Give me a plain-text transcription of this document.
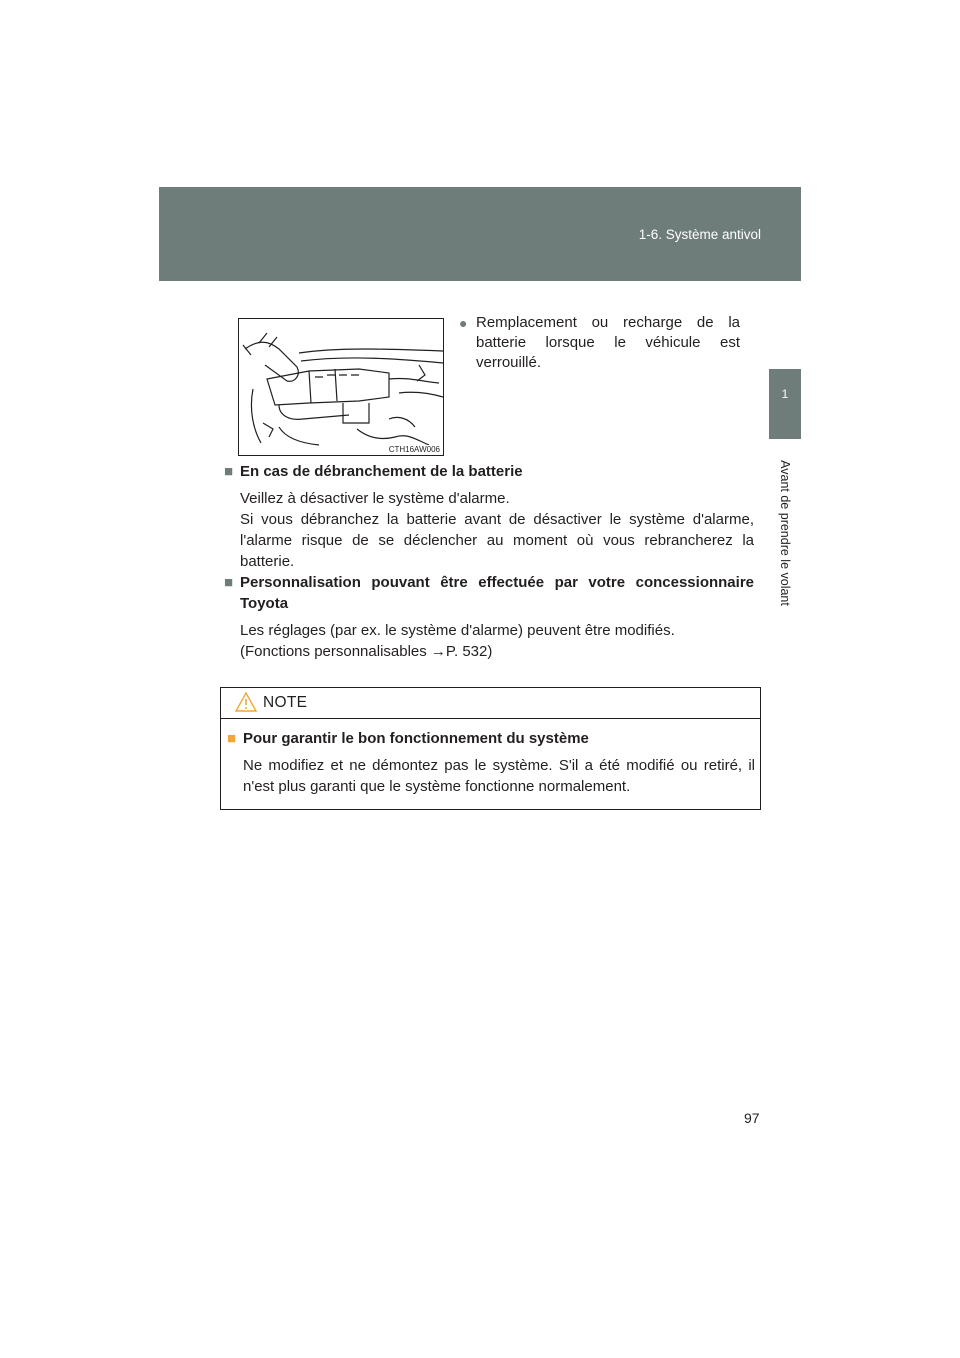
1-6. Système antivol
1
Avant de prendre le volant
CTH16AW006
● Remplacement ou recharge de la batterie lorsque le véhicule est verrouillé.
■ En cas de débranchement de la batterie
Veillez à désactiver le système d'alarme.
Si vous débranchez la batterie avant de désactiver le système d'alarme, l'alarme risque de se déclencher au moment où vous rebrancherez la batterie.
■ Personnalisation pouvant être effectuée par votre concessionnaire Toyota
Les réglages (par ex. le système d'alarme) peuvent être modifiés.
(Fonctions personnalisables →P. 532)
NOTE
■ Pour garantir le bon fonctionnement du système
Ne modifiez et ne démontez pas le système. S'il a été modifié ou retiré, il n'est plus garanti que le système fonctionne normalement.
97
